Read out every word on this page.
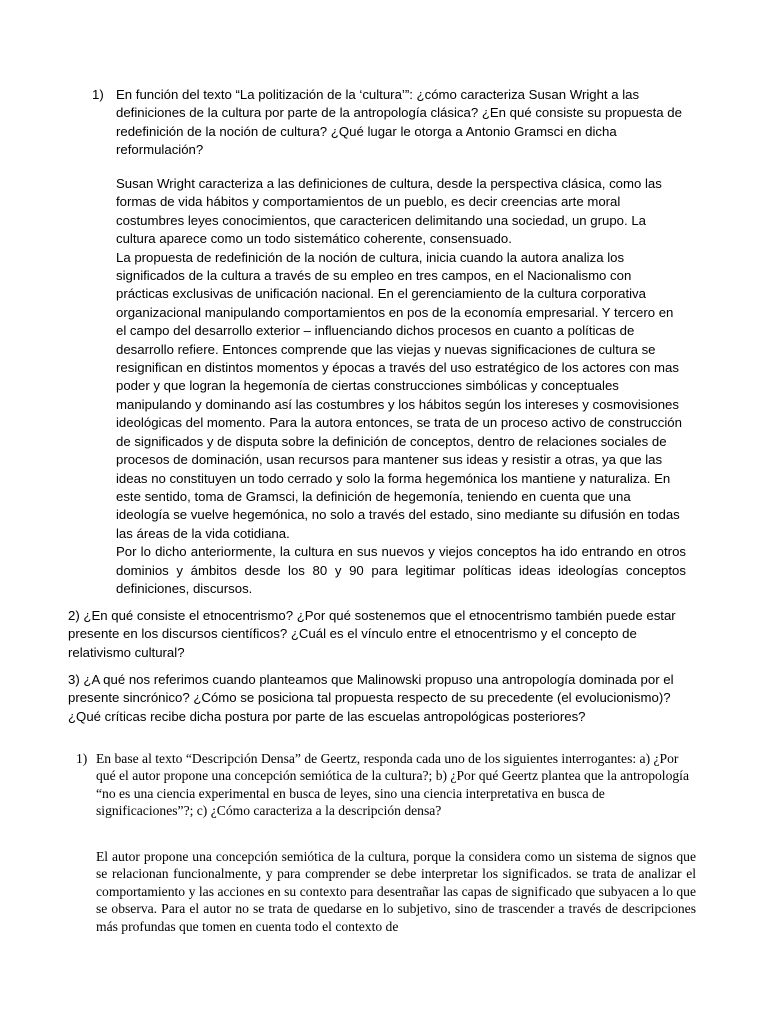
1) En función del texto “La politización de la ‘cultura’”: ¿cómo caracteriza Susan Wright a las definiciones de la cultura por parte de la antropología clásica? ¿En qué consiste su propuesta de redefinición de la noción de cultura? ¿Qué lugar le otorga a Antonio Gramsci en dicha reformulación?

Susan Wright caracteriza a las definiciones de cultura, desde la perspectiva clásica, como las formas de vida hábitos y comportamientos de un pueblo, es decir creencias arte moral costumbres leyes conocimientos, que caractericen delimitando una sociedad, un grupo. La cultura aparece como un todo sistemático coherente, consensuado.

La propuesta de redefinición de la noción de cultura, inicia cuando la autora analiza los significados de la cultura a través de su empleo en tres campos, en el Nacionalismo con prácticas exclusivas de unificación nacional. En el gerenciamiento de la cultura corporativa organizacional manipulando comportamientos en pos de la economía empresarial. Y tercero en el campo del desarrollo exterior – influenciando dichos procesos en cuanto a políticas de desarrollo refiere. Entonces comprende que las viejas y nuevas significaciones de cultura se resignifican en distintos momentos y épocas a través del uso estratégico de los actores con mas poder y que logran la hegemonía de ciertas construcciones simbólicas y conceptuales manipulando y dominando así las costumbres y los hábitos según los intereses y cosmovisiones ideológicas del momento. Para la autora entonces, se trata de un proceso activo de construcción de significados y de disputa sobre la definición de conceptos, dentro de relaciones sociales de procesos de dominación, usan recursos para mantener sus ideas y resistir a otras, ya que las ideas no constituyen un todo cerrado y solo la forma hegemónica los mantiene y naturaliza. En este sentido, toma de Gramsci, la definición de hegemonía, teniendo en cuenta que una ideología se vuelve hegemónica, no solo a través del estado, sino mediante su difusión en todas las áreas de la vida cotidiana.

Por lo dicho anteriormente, la cultura en sus nuevos y viejos conceptos ha ido entrando en otros dominios y ámbitos desde los 80 y 90 para legitimar políticas ideas ideologías conceptos definiciones, discursos.

2) ¿En qué consiste el etnocentrismo? ¿Por qué sostenemos que el etnocentrismo también puede estar presente en los discursos científicos? ¿Cuál es el vínculo entre el etnocentrismo y el concepto de relativismo cultural?
3) ¿A qué nos referimos cuando planteamos que Malinowski propuso una antropología dominada por el presente sincrónico? ¿Cómo se posiciona tal propuesta respecto de su precedente (el evolucionismo)? ¿Qué críticas recibe dicha postura por parte de las escuelas antropológicas posteriores?
1) En base al texto “Descripción Densa” de Geertz, responda cada uno de los siguientes interrogantes: a) ¿Por qué el autor propone una concepción semiótica de la cultura?; b) ¿Por qué Geertz plantea que la antropología “no es una ciencia experimental en busca de leyes, sino una ciencia interpretativa en busca de significaciones”?; c) ¿Cómo caracteriza a la descripción densa?

El autor propone una concepción semiótica de la cultura, porque la considera como un sistema de signos que se relacionan funcionalmente, y para comprender se debe interpretar los significados. se trata de analizar el comportamiento y las acciones en su contexto para desentrañar las capas de significado que subyacen a lo que se observa. Para el autor no se trata de quedarse en lo subjetivo, sino de trascender a través de descripciones más profundas que tomen en cuenta todo el contexto de
